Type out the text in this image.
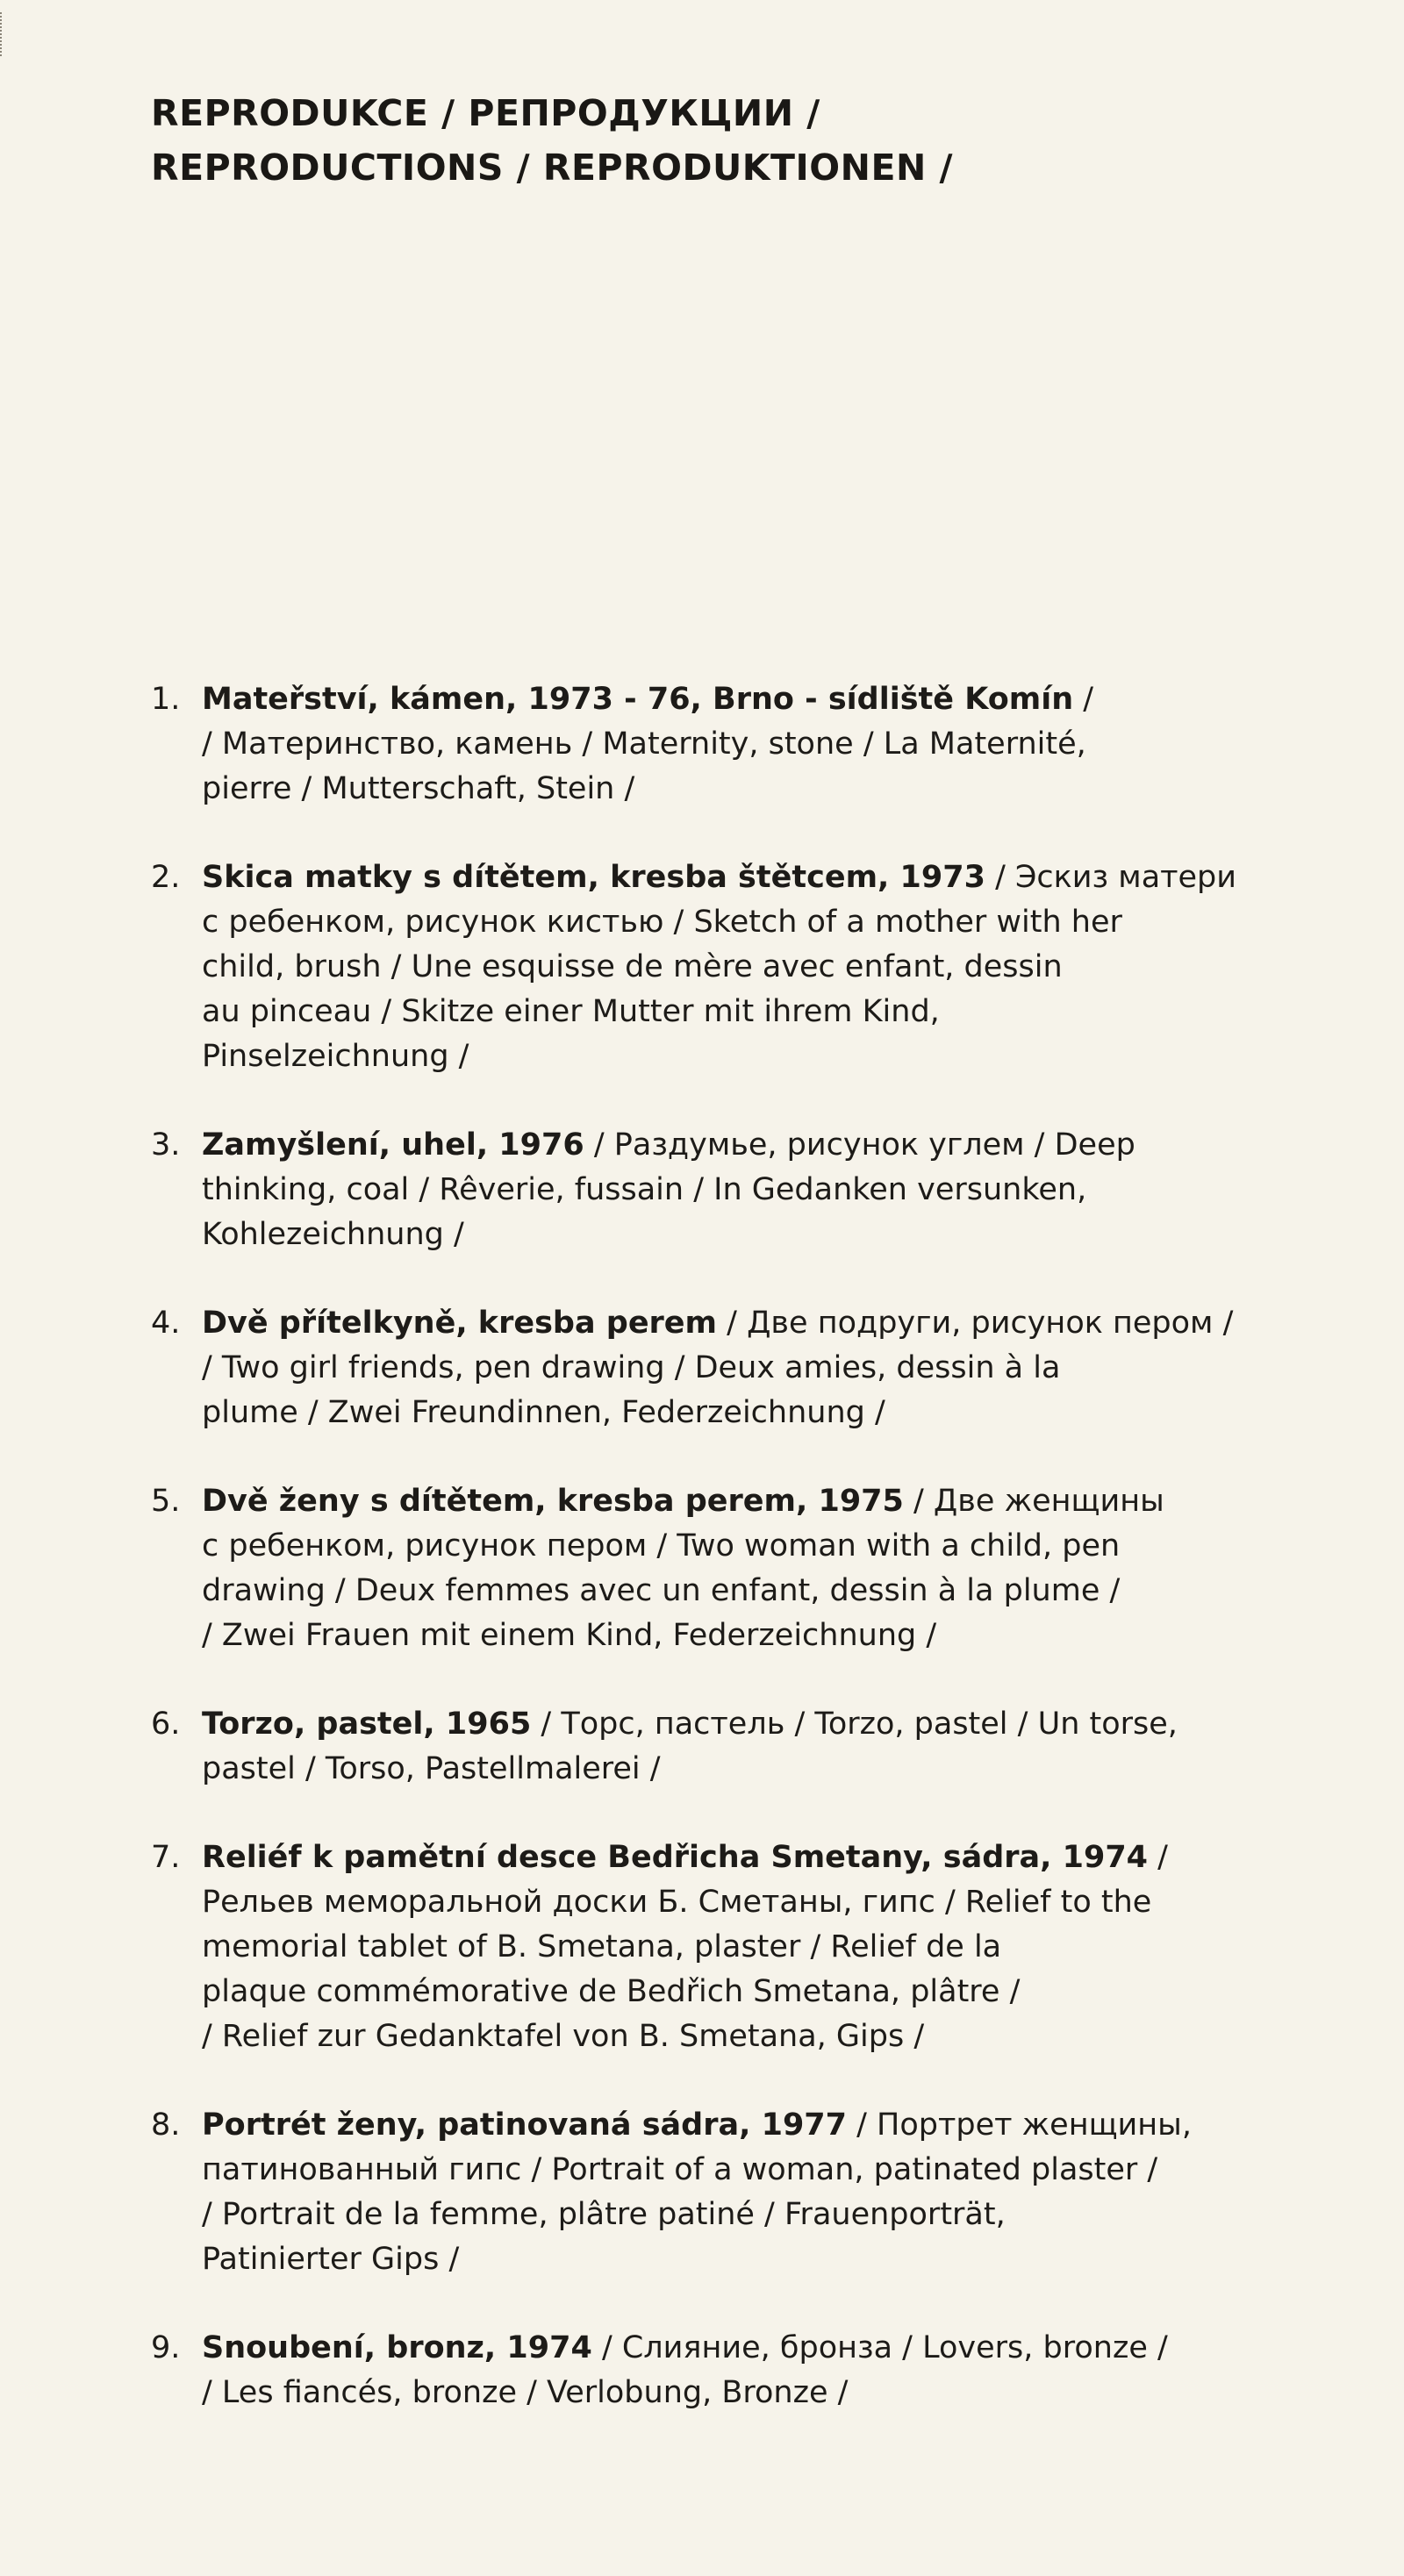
REPRODUKCE / РЕПРОДУКЦИИ /
REPRODUCTIONS / REPRODUKTIONEN /
1. Mateřství, kámen, 1973 - 76, Brno - sídliště Komín /
/ Материнство, камень / Maternity, stone / La Maternité,
pierre / Mutterschaft, Stein /
2. Skica matky s dítětem, kresba štětcem, 1973 / Эскиз матери
с ребенком, рисунок кистью / Sketch of a mother with her
child, brush / Une esquisse de mère avec enfant, dessin
au pinceau / Skitze einer Mutter mit ihrem Kind,
Pinselzeichnung /
3. Zamyšlení, uhel, 1976 / Раздумье, рисунок углем / Deep
thinking, coal / Rêverie, fussain / In Gedanken versunken,
Kohlezeichnung /
4. Dvě přítelkyně, kresba perem / Две подруги, рисунок пером /
/ Two girl friends, pen drawing / Deux amies, dessin à la
plume / Zwei Freundinnen, Federzeichnung /
5. Dvě ženy s dítětem, kresba perem, 1975 / Две женщины
с ребенком, рисунок пером / Two woman with a child, pen
drawing / Deux femmes avec un enfant, dessin à la plume /
/ Zwei Frauen mit einem Kind, Federzeichnung /
6. Torzo, pastel, 1965 / Торс, пастель / Torzo, pastel / Un torse,
pastel / Torso, Pastellmalerei /
7. Reliéf k pamětní desce Bedřicha Smetany, sádra, 1974 /
Рельев меморальной доски Б. Сметаны, гипс / Relief to the
memorial tablet of B. Smetana, plaster / Relief de la
plaque commémorative de Bedřich Smetana, plâtre /
/ Relief zur Gedanktafel von B. Smetana, Gips /
8. Portrét ženy, patinovaná sádra, 1977 / Портрет женщины,
патинованный гипс / Portrait of a woman, patinated plaster /
/ Portrait de la femme, plâtre patiné / Frauenporträt,
Patinierter Gips /
9. Snoubení, bronz, 1974 / Слияние, бронза / Lovers, bronze /
/ Les fiancés, bronze / Verlobung, Bronze /
